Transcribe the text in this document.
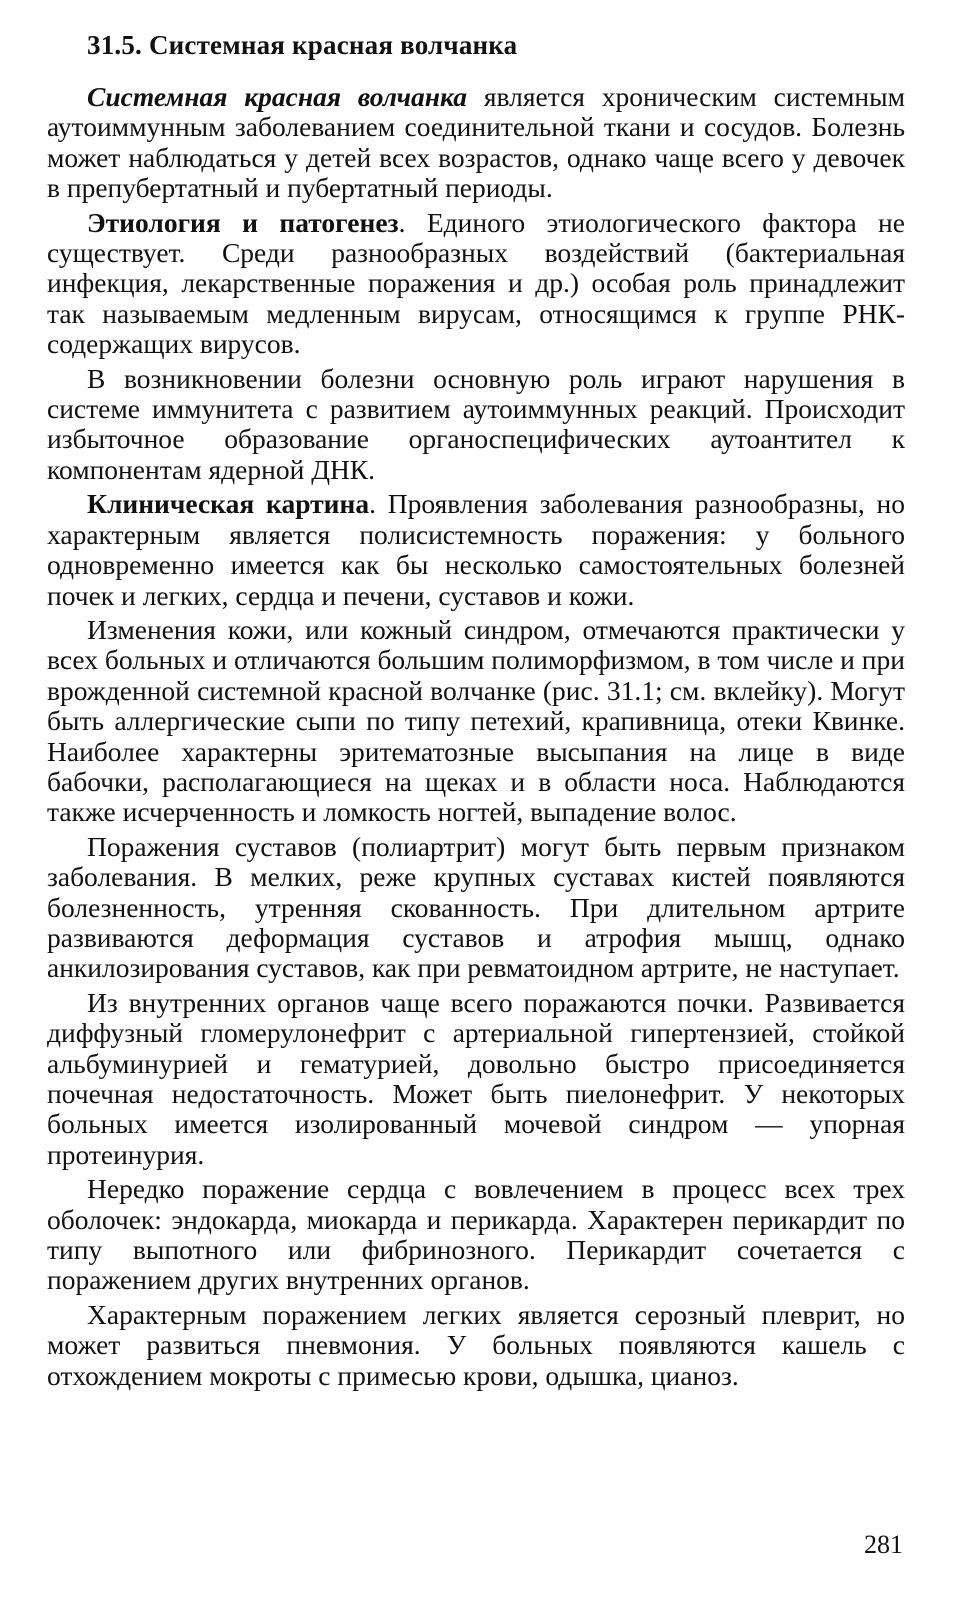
31.5. Системная красная волчанка

Системная красная волчанка является хроническим системным аутоиммунным заболеванием соединительной ткани и сосудов. Болезнь может наблюдаться у детей всех возрастов, однако чаще всего у девочек в препубертатный и пубертатный периоды.

Этиология и патогенез. Единого этиологического фактора не существует. Среди разнообразных воздействий (бактериальная инфекция, лекарственные поражения и др.) особая роль принадлежит так называемым медленным вирусам, относящимся к группе РНК-содержащих вирусов.

В возникновении болезни основную роль играют нарушения в системе иммунитета с развитием аутоиммунных реакций. Происходит избыточное образование органоспецифических аутоантител к компонентам ядерной ДНК.

Клиническая картина. Проявления заболевания разнообразны, но характерным является полисистемность поражения: у больного одновременно имеется как бы несколько самостоятельных болезней почек и легких, сердца и печени, суставов и кожи.

Изменения кожи, или кожный синдром, отмечаются практически у всех больных и отличаются большим полиморфизмом, в том числе и при врожденной системной красной волчанке (рис. 31.1; см. вклейку). Могут быть аллергические сыпи по типу петехий, крапивница, отеки Квинке. Наиболее характерны эритематозные высыпания на лице в виде бабочки, располагающиеся на щеках и в области носа. Наблюдаются также исчерченность и ломкость ногтей, выпадение волос.

Поражения суставов (полиартрит) могут быть первым признаком заболевания. В мелких, реже крупных суставах кистей появляются болезненность, утренняя скованность. При длительном артрите развиваются деформация суставов и атрофия мышц, однако анкилозирования суставов, как при ревматоидном артрите, не наступает.

Из внутренних органов чаще всего поражаются почки. Развивается диффузный гломерулонефрит с артериальной гипертензией, стойкой альбуминурией и гематурией, довольно быстро присоединяется почечная недостаточность. Может быть пиелонефрит. У некоторых больных имеется изолированный мочевой синдром — упорная протеинурия.

Нередко поражение сердца с вовлечением в процесс всех трех оболочек: эндокарда, миокарда и перикарда. Характерен перикардит по типу выпотного или фибринозного. Перикардит сочетается с поражением других внутренних органов.

Характерным поражением легких является серозный плеврит, но может развиться пневмония. У больных появляются кашель с отхождением мокроты с примесью крови, одышка, цианоз.

281
